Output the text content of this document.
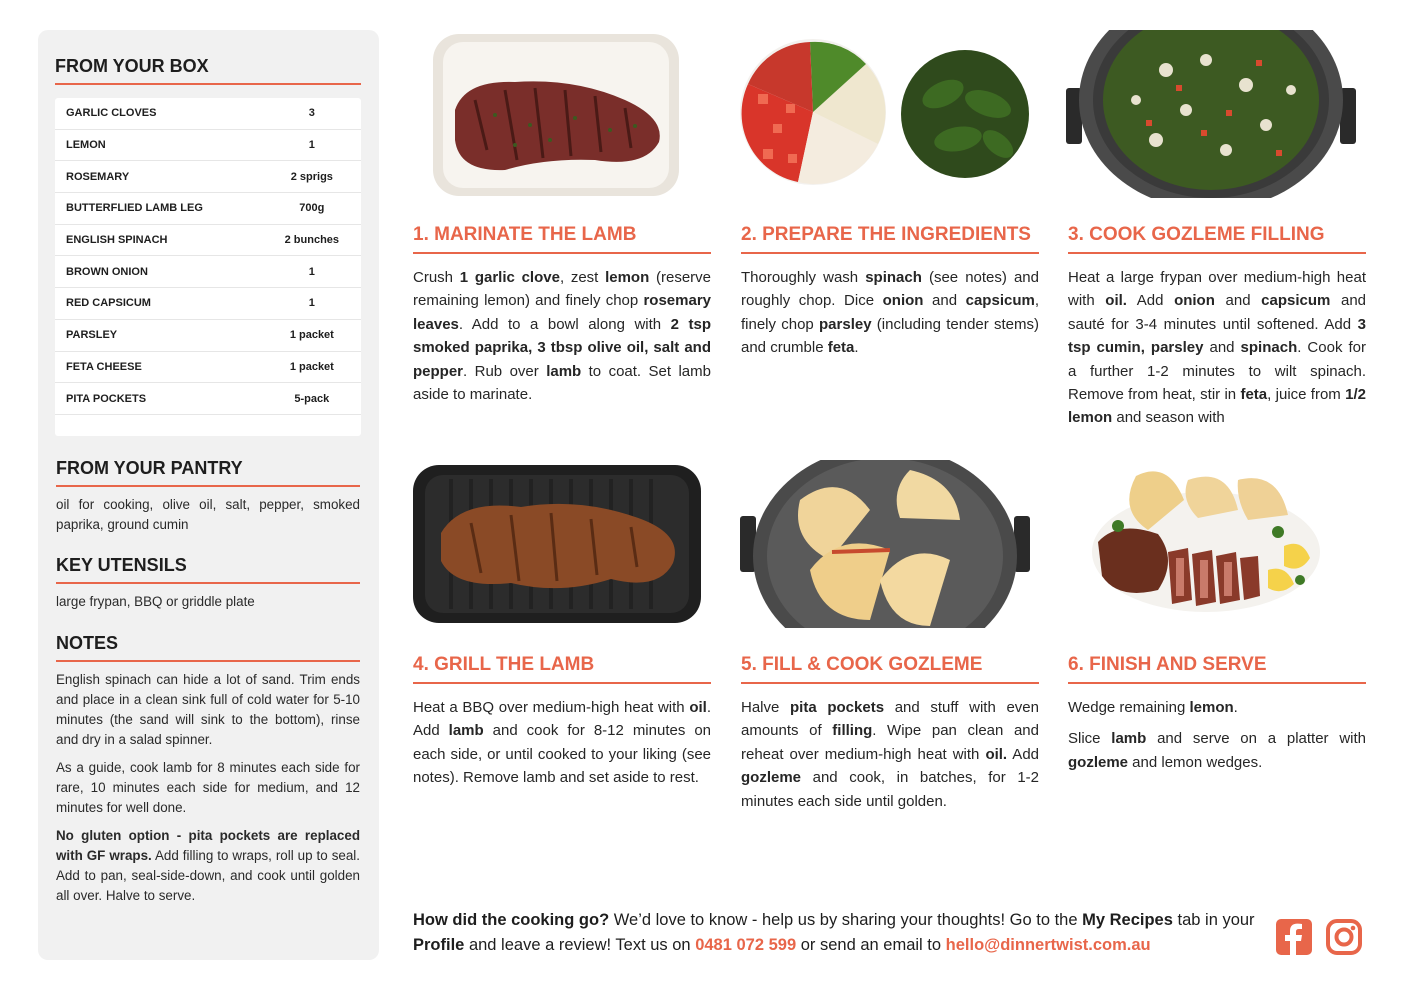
FROM YOUR BOX
GARLIC CLOVES	3
LEMON	1
ROSEMARY	2 sprigs
BUTTERFLIED LAMB LEG	700g
ENGLISH SPINACH	2 bunches
BROWN ONION	1
RED CAPSICUM	1
PARSLEY	1 packet
FETA CHEESE	1 packet
PITA POCKETS	5-pack
FROM YOUR PANTRY

oil for cooking, olive oil, salt, pepper, smoked paprika, ground cumin

KEY UTENSILS

large frypan, BBQ or griddle plate

NOTES

English spinach can hide a lot of sand. Trim ends and place in a clean sink full of cold water for 5-10 minutes (the sand will sink to the bottom), rinse and dry in a salad spinner.

As a guide, cook lamb for 8 minutes each side for rare, 10 minutes each side for medium, and 12 minutes for well done.

No gluten option - pita pockets are replaced with GF wraps. Add filling to wraps, roll up to seal. Add to pan, seal-side-down, and cook until golden all over. Halve to serve.

1. MARINATE THE LAMB

Crush 1 garlic clove, zest lemon (reserve remaining lemon) and finely chop rosemary leaves. Add to a bowl along with 2 tsp smoked paprika, 3 tbsp olive oil, salt and pepper. Rub over lamb to coat. Set lamb aside to marinate.

2. PREPARE THE INGREDIENTS

Thoroughly wash spinach (see notes) and roughly chop. Dice onion and capsicum, finely chop parsley (including tender stems) and crumble feta.

3. COOK GOZLEME FILLING

Heat a large frypan over medium-high heat with oil. Add onion and capsicum and sauté for 3-4 minutes until softened. Add 3 tsp cumin, parsley and spinach. Cook for a further 1-2 minutes to wilt spinach. Remove from heat, stir in feta, juice from 1/2 lemon and season with

4. GRILL THE LAMB

Heat a BBQ over medium-high heat with oil. Add lamb and cook for 8-12 minutes on each side, or until cooked to your liking (see notes). Remove lamb and set aside to rest.

5. FILL & COOK GOZLEME

Halve pita pockets and stuff with even amounts of filling. Wipe pan clean and reheat over medium-high heat with oil. Add gozleme and cook, in batches, for 1-2 minutes each side until golden.

6. FINISH AND SERVE

Wedge remaining lemon.

Slice lamb and serve on a platter with gozleme and lemon wedges.

How did the cooking go? We’d love to know - help us by sharing your thoughts! Go to the My Recipes tab in your Profile and leave a review! Text us on 0481 072 599 or send an email to hello@dinnertwist.com.au
